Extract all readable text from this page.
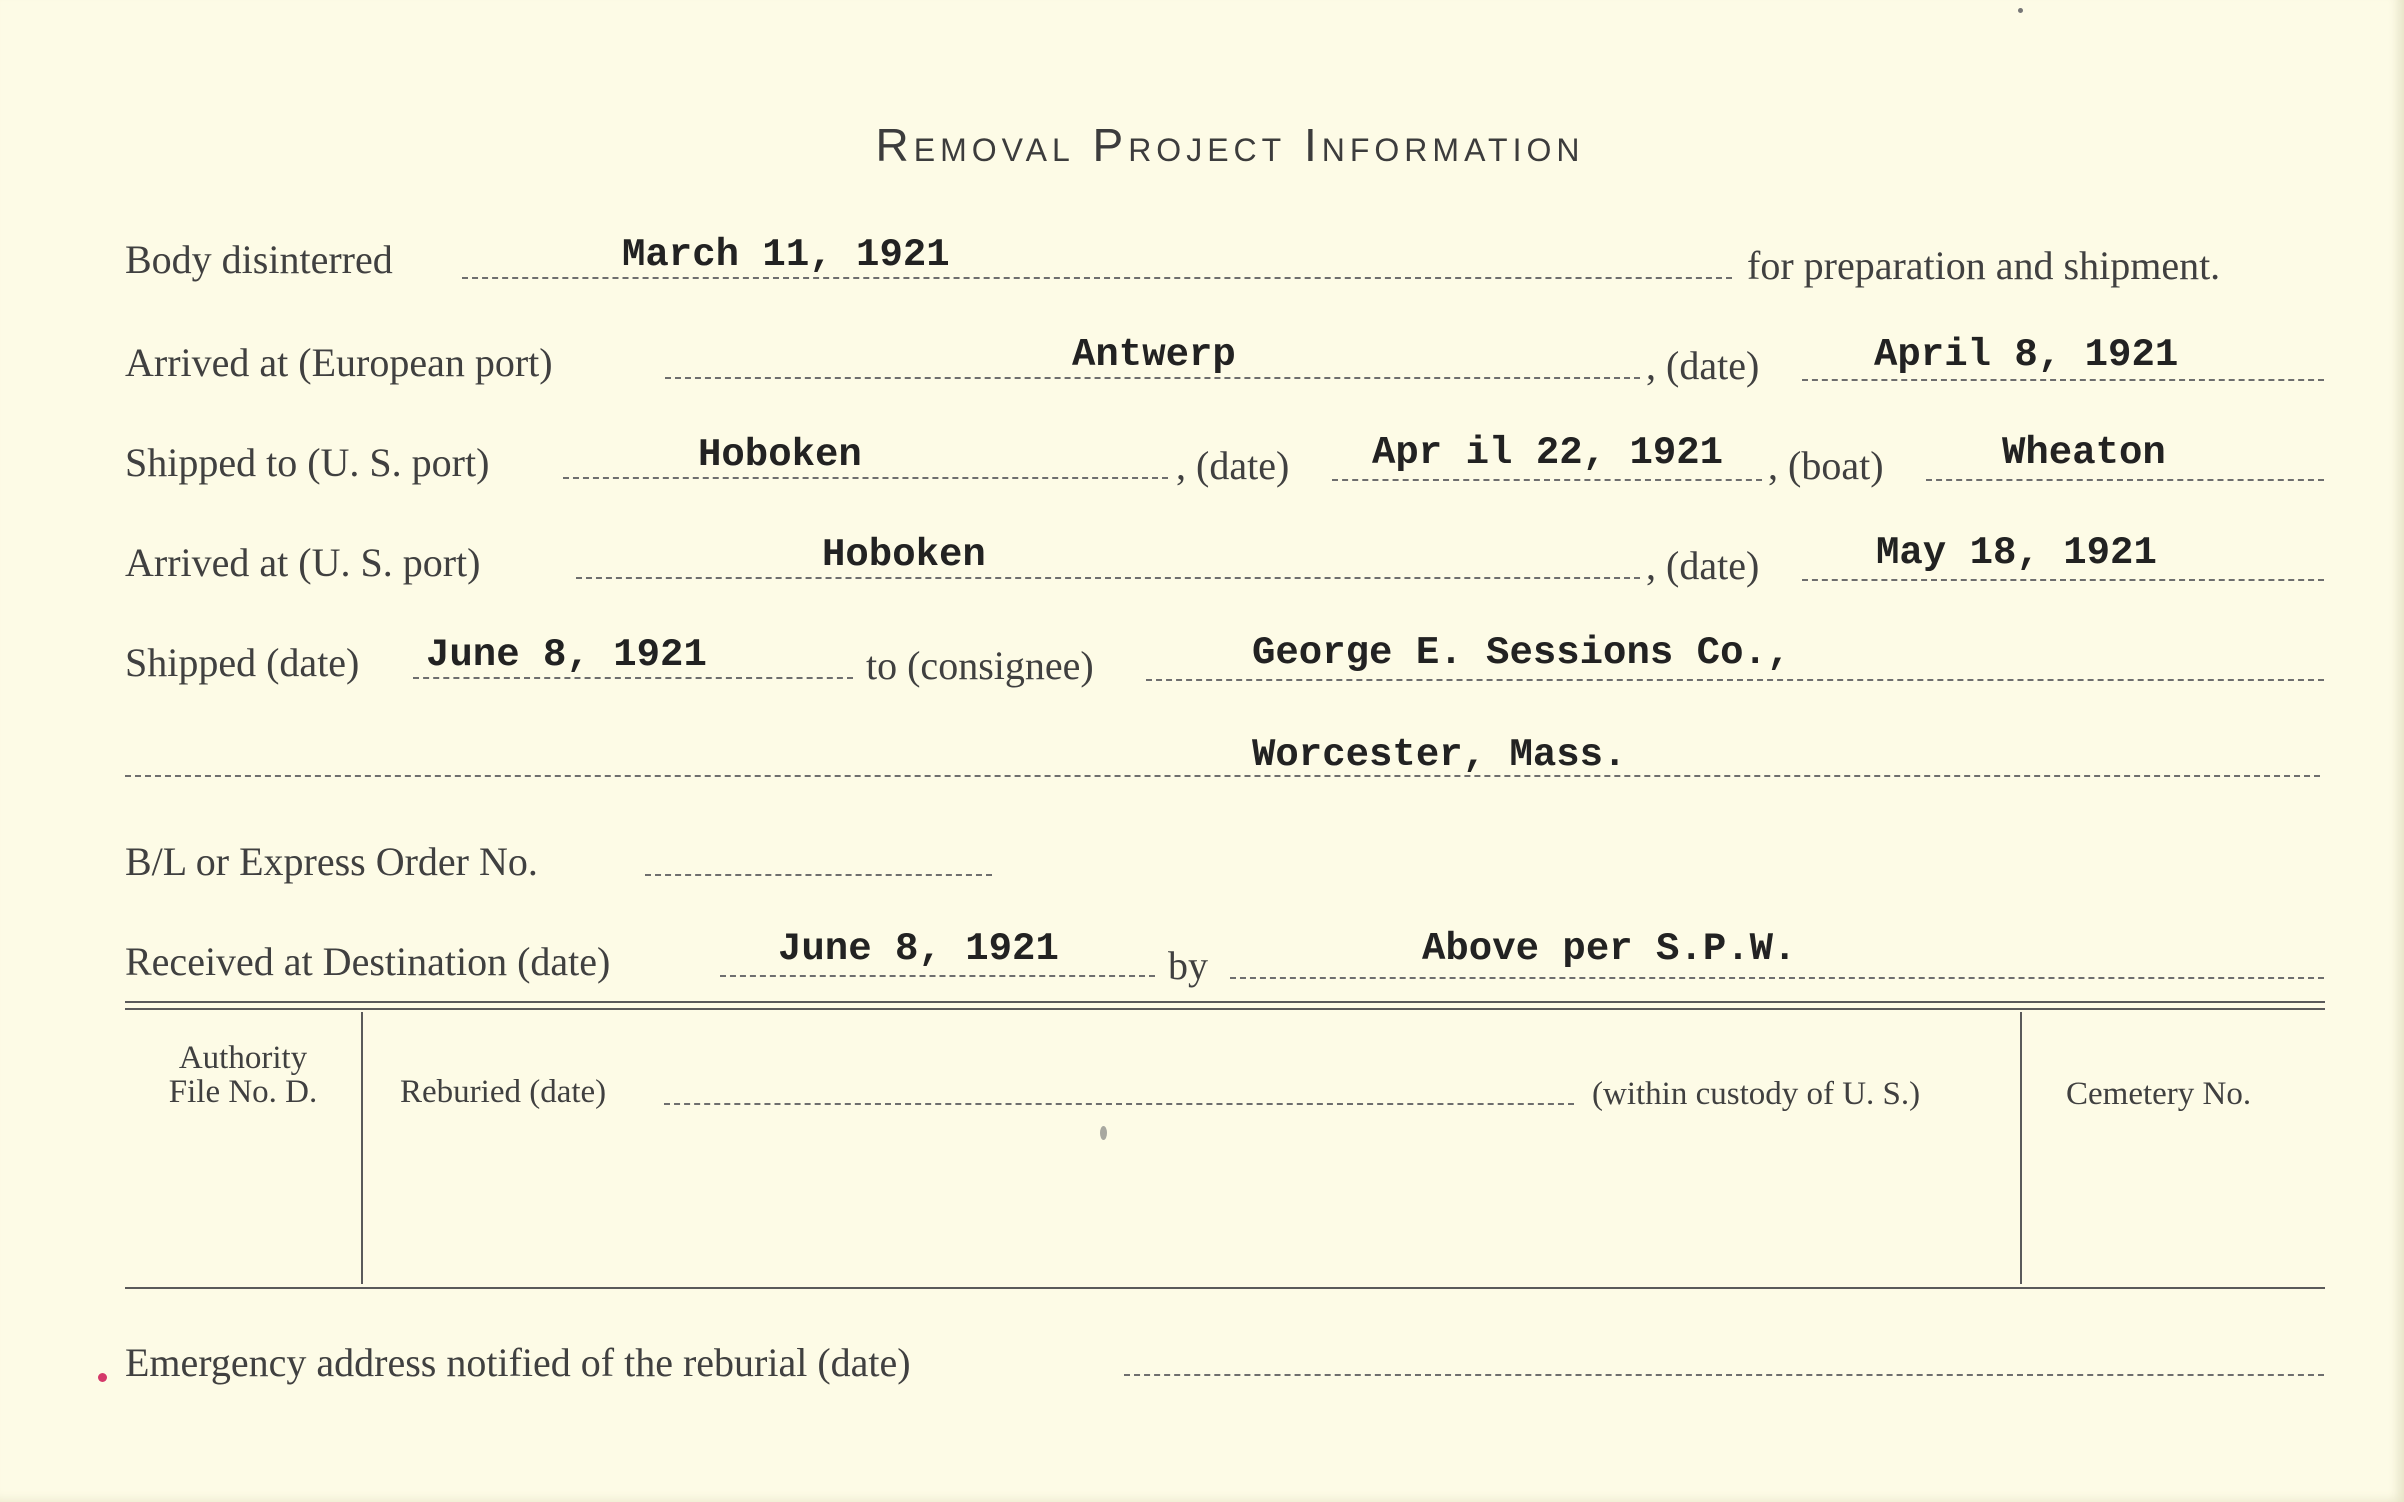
Removal Project Information
Body disinterred	March 11, 1921	for preparation and shipment.
Arrived at (European port)	Antwerp	, (date)	April 8, 1921
Shipped to (U. S. port)	Hoboken	, (date) Apr il 22, 1921 , (boat)	Wheaton
Arrived at (U. S. port)	Hoboken	, (date)	May 18, 1921
Shipped (date) June 8, 1921	to (consignee)	George E. Sessions Co.,
Worcester, Mass.
B/L or Express Order No.
Received at Destination (date)	June 8, 1921	by	Above per S.P.W.
Authority
File No. D.	Reburied (date)	(within custody of U. S.)	Cemetery No.
Emergency address notified of the reburial (date)
